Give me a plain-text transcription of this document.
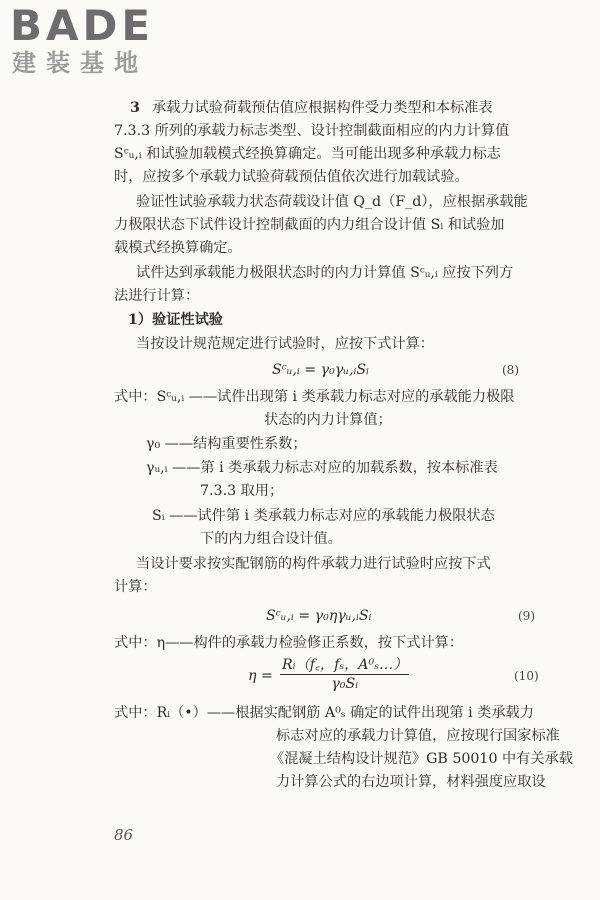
BADE
建装基地
3 承载力试验荷载预估值应根据构件受力类型和本标准表
7.3.3 所列的承载力标志类型、设计控制截面相应的内力计算值
Sᶜᵤ,ᵢ 和试验加载模式经换算确定。当可能出现多种承载力标志
时，应按多个承载力试验荷载预估值依次进行加载试验。
验证性试验承载力状态荷载设计值 Q_d（F_d），应根据承载能
力极限状态下试件设计控制截面的内力组合设计值 Sᵢ 和试验加
载模式经换算确定。
试件达到承载能力极限状态时的内力计算值 Sᶜᵤ,ᵢ 应按下列方
法进行计算：
1）验证性试验
当按设计规范规定进行试验时，应按下式计算：
Sᶜᵤ,ᵢ = γ₀γᵤ,ᵢSᵢ	(8)
式中：Sᶜᵤ,ᵢ ——试件出现第 i 类承载力标志对应的承载能力极限
状态的内力计算值；
γ₀ ——结构重要性系数；
γᵤ,ᵢ ——第 i 类承载力标志对应的加载系数，按本标准表
7.3.3 取用；
Sᵢ ——试件第 i 类承载力标志对应的承载能力极限状态
下的内力组合设计值。
当设计要求按实配钢筋的构件承载力进行试验时应按下式
计算：
Sᶜᵤ,ᵢ = γ₀ηγᵤ,ᵢSᵢ	(9)
式中：η——构件的承载力检验修正系数，按下式计算：
$\eta = \frac{\text{Rᵢ（f꜀，fₛ，A⁰ₛ…）}}{\text{γ₀Sᵢ}}$	(10)
式中：Rᵢ（•）——根据实配钢筋 A⁰ₛ 确定的试件出现第 i 类承载力
标志对应的承载力计算值，应按现行国家标准
《混凝土结构设计规范》GB 50010 中有关承载
力计算公式的右边项计算，材料强度应取设
86
